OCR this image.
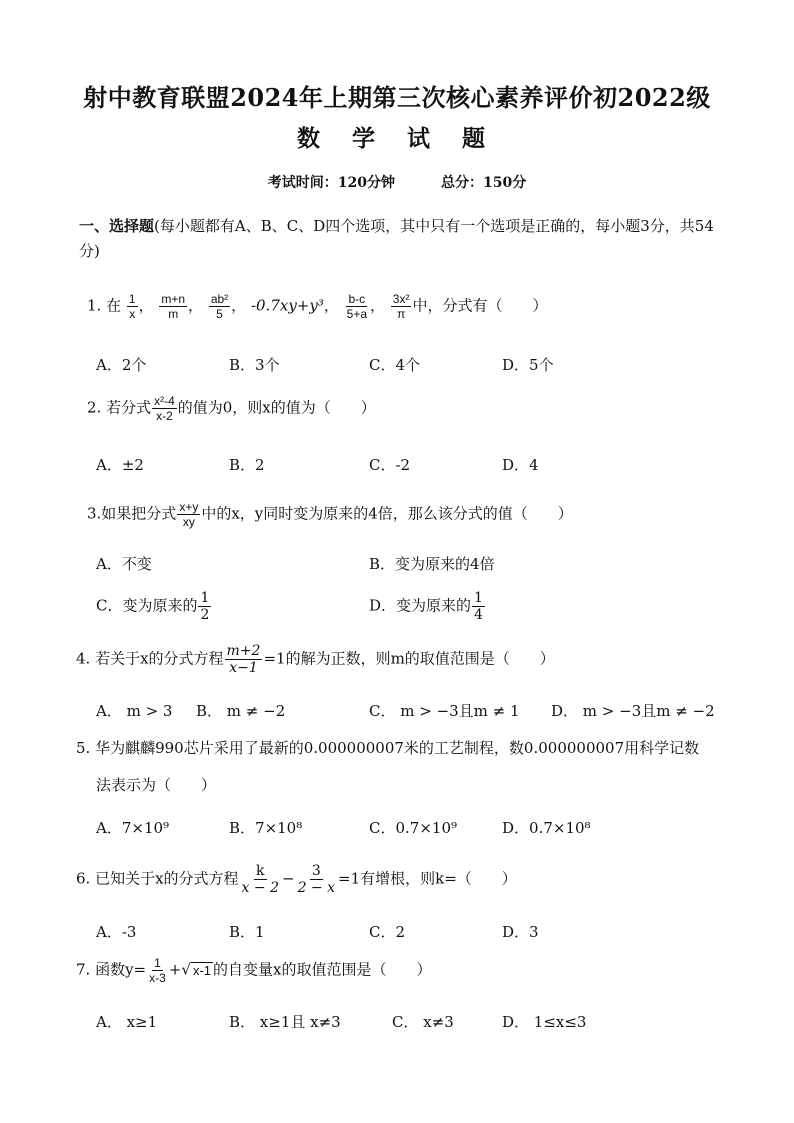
射中教育联盟2024年上期第三次核心素养评价初2022级
数 学 试 题
考试时间：120分钟	总分：150分
一、选择题(每小题都有A、B、C、D四个选项，其中只有一个选项是正确的，每小题3分，共54分)
1. 在 $\frac{1}{x}$ ， $\frac{m+n}{m}$ ， $\frac{\text{ab²}}{5}$ ， -0.7xy+y³， $\frac{b-c}{5+a}$ ， $\frac{\text{3x²}}{\pi}$ 中，分式有（　　）
A．2个	B．3个	C．4个	D．5个
2. 若分式 $\frac{\text{x²-4}}{x-2}$ 的值为0，则x的值为（　　）
A．±2	B．2	C．-2	D．4
3.如果把分式 $\frac{x+y}{xy}$ 中的x，y同时变为原来的4倍，那么该分式的值（　　）
A．不变	B．变为原来的4倍
C．变为原来的 $\frac{1}{2}$	D．变为原来的 $\frac{1}{4}$
4. 若关于x的分式方程 $\frac{m+2}{x-1} =1$的解为正数，则m的取值范围是（　　）
A． m > 3 B． m ≠ −2	C． m > −3且m ≠ 1 D． m > −3且m ≠ −2
5. 华为麒麟990芯片采用了最新的0.000000007米的工艺制程，数0.000000007用科学记数
法表示为（　　）
A．7×10⁹	B．7×10⁸	C．0.7×10⁹	D．0.7×10⁸
6. 已知关于x的分式方程 $\frac{k}{x - 2} - \frac{3}{2 - x} =1$有增根，则k=（　　）
A．-3	B．1	C．2	D．3
7. 函数$y= \frac{1}{x-3}$ +√ x-1 的自变量x的取值范围是（　　）
A． x≥1	B． x≥1且 x≠3	C． x≠3	D． 1≤x≤3
